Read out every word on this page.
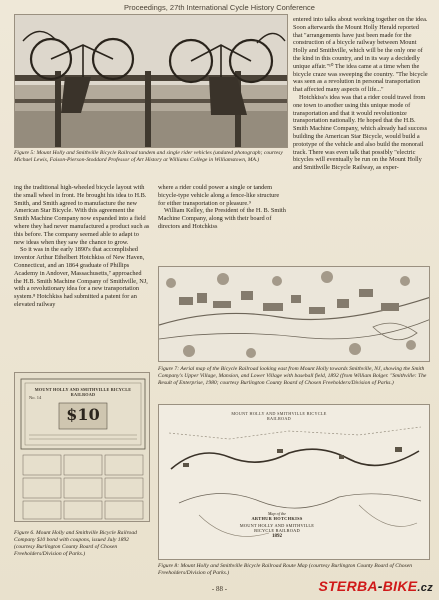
Proceedings, 27th International Cycle History Conference
Figure 5: Mount Holly and Smithville Bicycle Railroad tandem and single rider vehicles (undated photograph; courtesy Michael Lewis, Faison-Pierson-Stoddard Professor of Art History at Williams College in Williamstown, MA.)

entered into talks about working together on the idea. Soon afterwards the Mount Holly Herald reported that "arrangements have just been made for the construction of a bicycle railway between Mount Holly and Smithville, which will be the only one of the kind in this country, and in its way a decidedly unique affair."¹⁰ The idea came at a time when the bicycle craze was sweeping the country. "The bicycle was seen as a revolution in personal transportation that affected many aspects of life..."

Hotchkiss's idea was that a rider could travel from one town to another using this unique mode of transportation and that it would revolutionize transportation nationally. He hoped that the H.B. Smith Machine Company, which already had success building the American Star Bicycle, would build a prototype of the vehicle and also build the monorail track. There was even talk that possibly "electric bicycles will eventually be run on the Mount Holly and Smithville Bicycle Railway, as exper-

ing the traditional high-wheeled bicycle layout with the small wheel in front. He brought his idea to H.B. Smith, and Smith agreed to manufacture the new American Star Bicycle. With this agreement the Smith Machine Company now expanded into a field where they had never manufactured a product such as this before. The company seemed able to adapt to new ideas when they saw the chance to grow.

So it was in the early 1890's that accomplished inventor Arthur Ethelbert Hotchkiss of New Haven, Connecticut, and an 1864 graduate of Phillips Academy in Andover, Massachusetts,⁷ approached the H.B. Smith Machine Company of Smithville, NJ, with a revolutionary idea for a new transportation system.⁸ Hotchkiss had submitted a patent for an elevated railway

where a rider could power a single or tandem bicycle-type vehicle along a fence-like structure for either transportation or pleasure.⁹

William Kelley, the President of the H. B. Smith Machine Company, along with their board of directors and Hotchkiss

Figure 7: Aerial map of the Bicycle Railroad looking east from Mount Holly towards Smithville, NJ, showing the Smith Company's Upper Village, Mansion, and Lower Village with baseball field, 1892 (from William Bolger. "Smithville: The Result of Enterprise, 1980; courtesy Burlington County Board of Chosen Freeholders/Division of Parks.)
MOUNT HOLLY AND SMITHVILLE BICYCLE RAILROAD
No. 14
$10
Figure 6. Mount Holly and Smithville Bicycle Railroad Company $10 bond with coupons, issued July 1892 (courtesy Burlington County Board of Chosen Freeholders/Division of Parks.)
Map of the
ARTHUR HOTCHKISS
MOUNT HOLLY AND SMITHVILLE
BICYCLE RAILROAD
1892
MOUNT HOLLY AND SMITHVILLE BICYCLE RAILROAD
Figure 8: Mount Holly and Smithville Bicycle Railroad Route Map (courtesy Burlington County Board of Chosen Freeholders/Division of Parks.)
- 88 -	STERBA-BIKE.cz
